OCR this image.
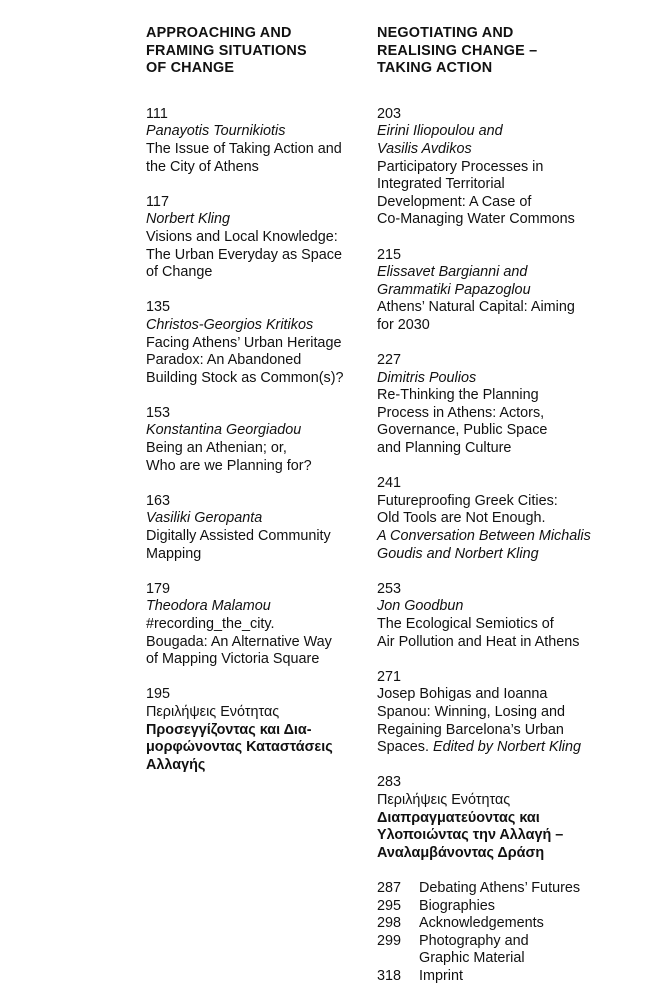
APPROACHING AND
FRAMING SITUATIONS
OF CHANGE
111
Panayotis Tournikiotis
The Issue of Taking Action and
the City of Athens
117
Norbert Kling
Visions and Local Knowledge:
The Urban Everyday as Space
of Change
135
Christos-Georgios Kritikos
Facing Athens’ Urban Heritage
Paradox: An Abandoned
Building Stock as Common(s)?
153
Konstantina Georgiadou
Being an Athenian; or,
Who are we Planning for?
163
Vasiliki Geropanta
Digitally Assisted Community
Mapping
179
Theodora Malamou
#recording_the_city.
Bougada: An Alternative Way
of Mapping Victoria Square
195
Περιλήψεις Ενότητας
Προσεγγίζοντας και Δια-
μορφώνοντας Καταστάσεις
Αλλαγής
NEGOTIATING AND
REALISING CHANGE –
TAKING ACTION
203
Eirini Iliopoulou and
Vasilis Avdikos
Participatory Processes in
Integrated Territorial
Development: A Case of
Co-Managing Water Commons
215
Elissavet Bargianni and
Grammatiki Papazoglou
Athens’ Natural Capital: Aiming
for 2030
227
Dimitris Poulios
Re-Thinking the Planning
Process in Athens: Actors,
Governance, Public Space
and Planning Culture
241
Futureproofing Greek Cities:
Old Tools are Not Enough.
A Conversation Between Michalis
Goudis and Norbert Kling
253
Jon Goodbun
The Ecological Semiotics of
Air Pollution and Heat in Athens
271
Josep Bohigas and Ioanna
Spanou: Winning, Losing and
Regaining Barcelona’s Urban
Spaces. Edited by Norbert Kling
283
Περιλήψεις Ενότητας
Διαπραγματεύοντας και
Υλοποιώντας την Αλλαγή –
Αναλαμβάνοντας Δράση
287	Debating Athens’ Futures
295	Biographies
298	Acknowledgements
299	Photography and
Graphic Material
318	Imprint
